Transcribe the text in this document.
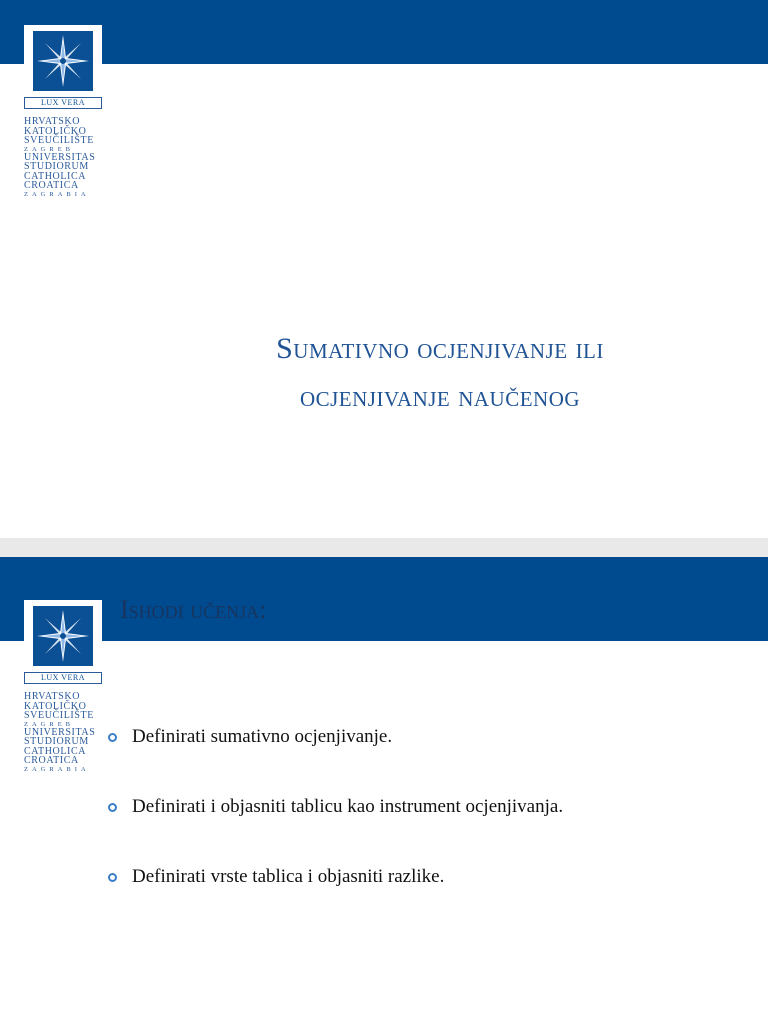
LUX VERA
HRVATSKO
KATOLIČKO
SVEUČILIŠTE
ZAGREB
UNIVERSITAS
STUDIORUM
CATHOLICA
CROATICA
ZAGRABIA
Sumativno ocjenjivanje ili
ocjenjivanje naučenog
LUX VERA
HRVATSKO
KATOLIČKO
SVEUČILIŠTE
ZAGREB
UNIVERSITAS
STUDIORUM
CATHOLICA
CROATICA
ZAGRABIA
Ishodi učenja:
Definirati sumativno ocjenjivanje.
Definirati i objasniti tablicu kao instrument ocjenjivanja.
Definirati vrste tablica i objasniti razlike.
